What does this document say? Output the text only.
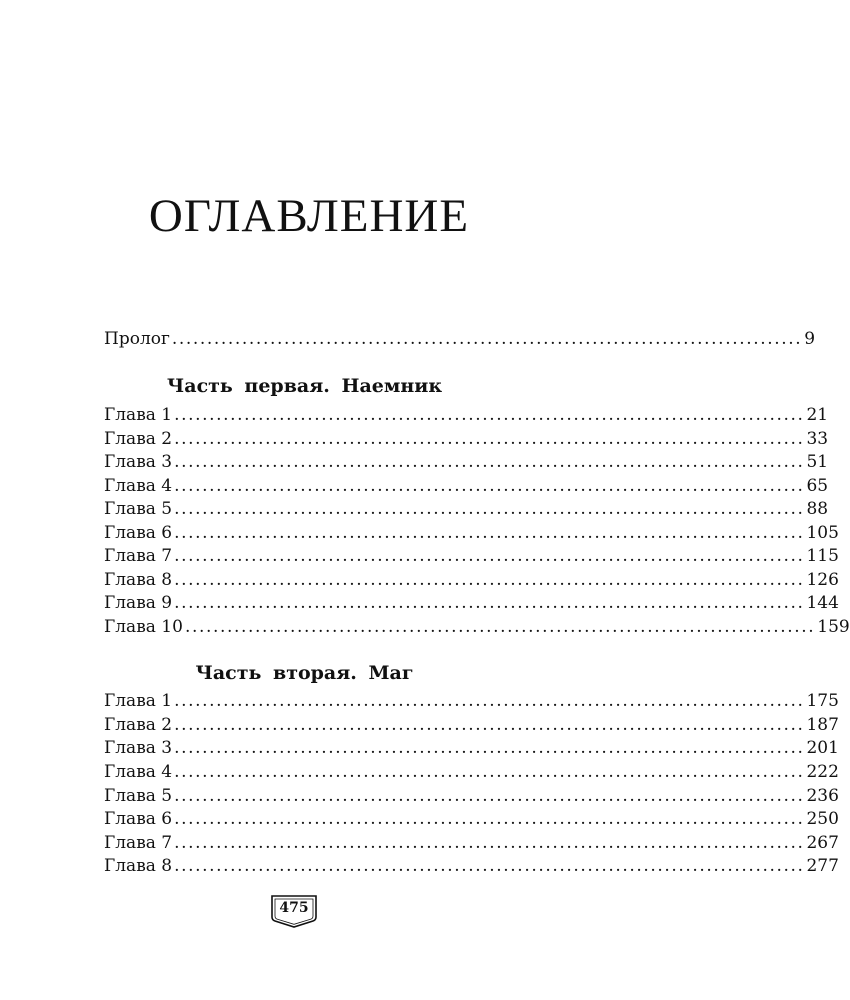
ОГЛАВЛЕНИЕ
Пролог .......................................................................................... 9
Часть первая. Наемник
Глава 1 .......................................................................................... 21
Глава 2 .......................................................................................... 33
Глава 3 .......................................................................................... 51
Глава 4 .......................................................................................... 65
Глава 5 .......................................................................................... 88
Глава 6 .......................................................................................... 105
Глава 7 .......................................................................................... 115
Глава 8 .......................................................................................... 126
Глава 9 .......................................................................................... 144
Глава 10 .......................................................................................... 159
Часть вторая. Маг
Глава 1 .......................................................................................... 175
Глава 2 .......................................................................................... 187
Глава 3 .......................................................................................... 201
Глава 4 .......................................................................................... 222
Глава 5 .......................................................................................... 236
Глава 6 .......................................................................................... 250
Глава 7 .......................................................................................... 267
Глава 8 .......................................................................................... 277
475
